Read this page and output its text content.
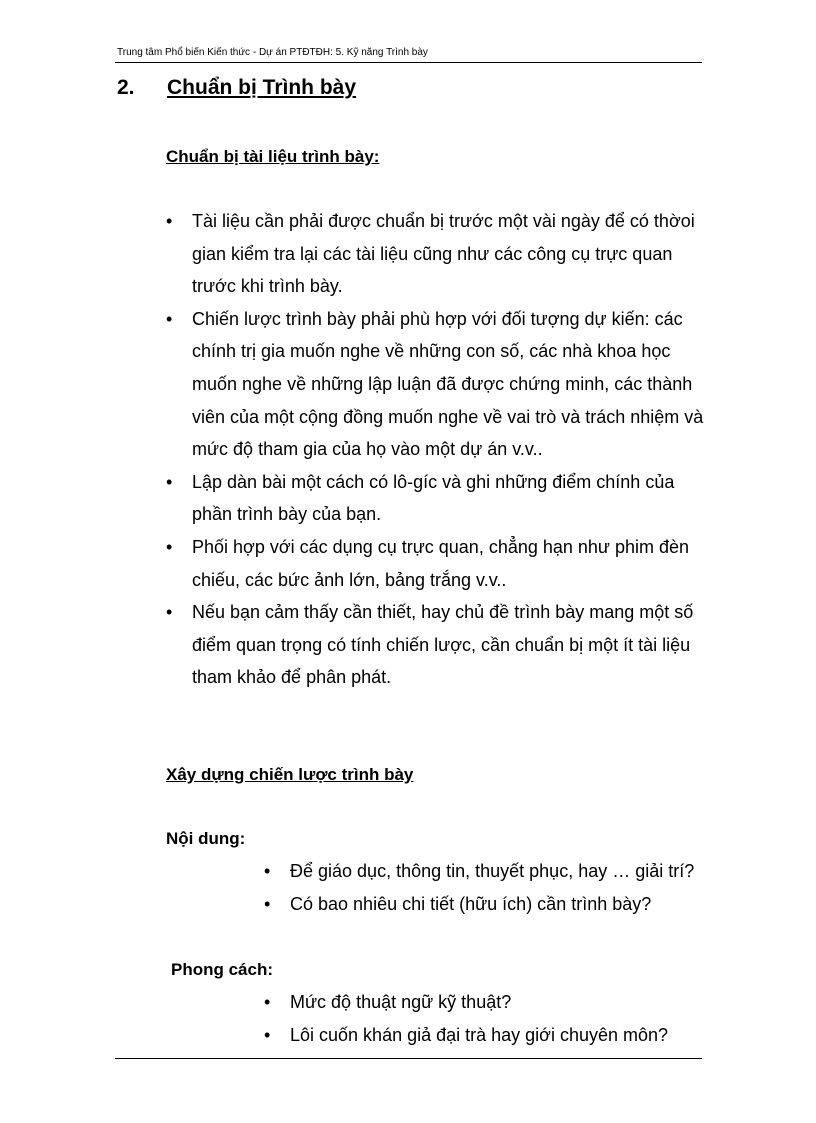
Trung tâm Phổ biến Kiến thức - Dự án PTĐTĐH: 5. Kỹ năng Trình bày
2. Chuẩn bị Trình bày
Chuẩn bị tài liệu trình bày:
• Tài liệu cần phải được chuẩn bị trước một vài ngày để có thờoi gian kiểm tra lại các tài liệu cũng như các công cụ trực quan trước khi trình bày.
• Chiến lược trình bày phải phù hợp với đối tượng dự kiến: các chính trị gia muốn nghe về những con số, các nhà khoa học muốn nghe về những lập luận đã được chứng minh, các thành viên của một cộng đồng muốn nghe về vai trò và trách nhiệm và mức độ tham gia của họ vào một dự án v.v..
• Lập dàn bài một cách có lô-gíc và ghi những điểm chính của phần trình bày của bạn.
• Phối hợp với các dụng cụ trực quan, chẳng hạn như phim đèn chiếu, các bức ảnh lớn, bảng trắng v.v..
• Nếu bạn cảm thấy cần thiết, hay chủ đề trình bày mang một số điểm quan trọng có tính chiến lược, cần chuẩn bị một ít tài liệu tham khảo để phân phát.
Xây dựng chiến lược trình bày
Nội dung:
• Để giáo dục, thông tin, thuyết phục, hay … giải trí?
• Có bao nhiêu chi tiết (hữu ích) cần trình bày?
Phong cách:
• Mức độ thuật ngữ kỹ thuật?
• Lôi cuốn khán giả đại trà hay giới chuyên môn?
